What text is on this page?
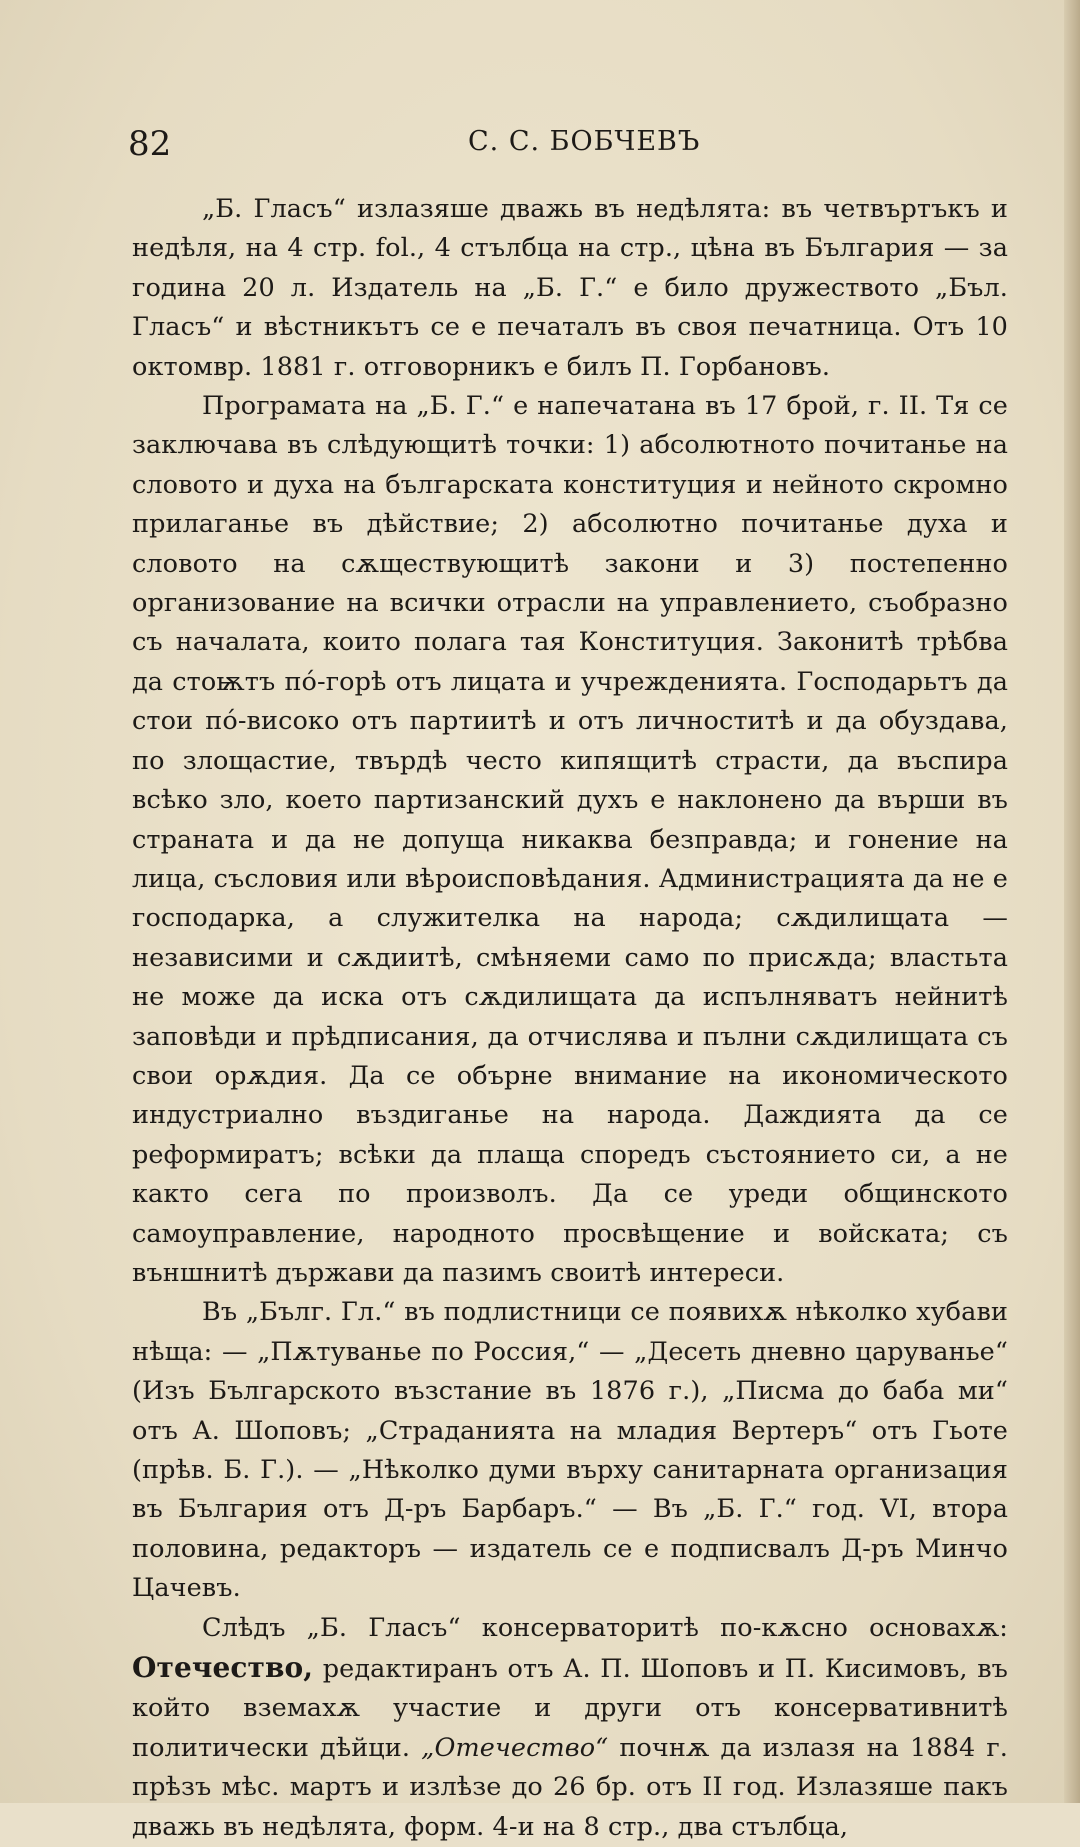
82	С. С. БОБЧЕВЪ

„Б. Гласъ“ излазяше дважь въ недѣлята: въ четвъртъкъ и недѣля, на 4 стр. fol., 4 стълбца на стр., цѣна въ България — за година 20 л. Издатель на „Б. Г.“ е било дружеството „Бъл. Гласъ“ и вѣстникътъ се е печаталъ въ своя печатница. Отъ 10 октомвр. 1881 г. отговорникъ е билъ П. Горбановъ.

Програмата на „Б. Г.“ е напечатана въ 17 брой, г. II. Тя се заключава въ слѣдующитѣ точки: 1) абсолютното почитанье на словото и духа на българската конституция и нейното скромно прилаганье въ дѣйствие; 2) абсолютно почитанье духа и словото на сѫществующитѣ закони и 3) постепенно организование на всички отрасли на управлението, съобразно съ началата, които полага тая Конституция. Законитѣ трѣбва да стоѭтъ пó-горѣ отъ лицата и учрежденията. Господарьтъ да стои пó-високо отъ партиитѣ и отъ личноститѣ и да обуздава, по злощастие, твърдѣ често кипящитѣ страсти, да въспира всѣко зло, което партизанский духъ е наклонено да върши въ страната и да не допуща никаква безправда; и гонение на лица, съсловия или вѣроисповѣдания. Администрацията да не е господарка, а служителка на народа; сѫдилищата — независими и сѫдиитѣ, смѣняеми само по присѫда; властьта не може да иска отъ сѫдилищата да испълняватъ нейнитѣ заповѣди и прѣдписания, да отчислява и пълни сѫдилищата съ свои орѫдия. Да се обърне внимание на икономическото индустриално въздиганье на народа. Даждията да се реформиратъ; всѣки да плаща споредъ състоянието си, а не както сега по произволъ. Да се уреди общинското самоуправление, народното просвѣщение и войската; съ външнитѣ държави да пазимъ своитѣ интереси.

Въ „Бълг. Гл.“ въ подлистници се появихѫ нѣколко хубави нѣща: — „Пѫтуванье по Россия,“ — „Десеть дневно царуванье“ (Изъ Българското възстание въ 1876 г.), „Писма до баба ми“ отъ А. Шоповъ; „Страданията на младия Вертеръ“ отъ Гьоте (прѣв. Б. Г.). — „Нѣколко думи върху санитарната организация въ България отъ Д-ръ Барбаръ.“ — Въ „Б. Г.“ год. VI, втора половина, редакторъ — издатель се е подписвалъ Д-ръ Минчо Цачевъ.

Слѣдъ „Б. Гласъ“ консерваторитѣ по-кѫсно основахѫ: Отечество, редактиранъ отъ А. П. Шоповъ и П. Кисимовъ, въ който вземахѫ участие и други отъ консервативнитѣ политически дѣйци. „Отечество“ почнѫ да излазя на 1884 г. прѣзъ мѣс. мартъ и излѣзе до 26 бр. отъ II год. Излазяше пакъ дважь въ недѣлята, форм. 4-и на 8 стр., два стълбца,
